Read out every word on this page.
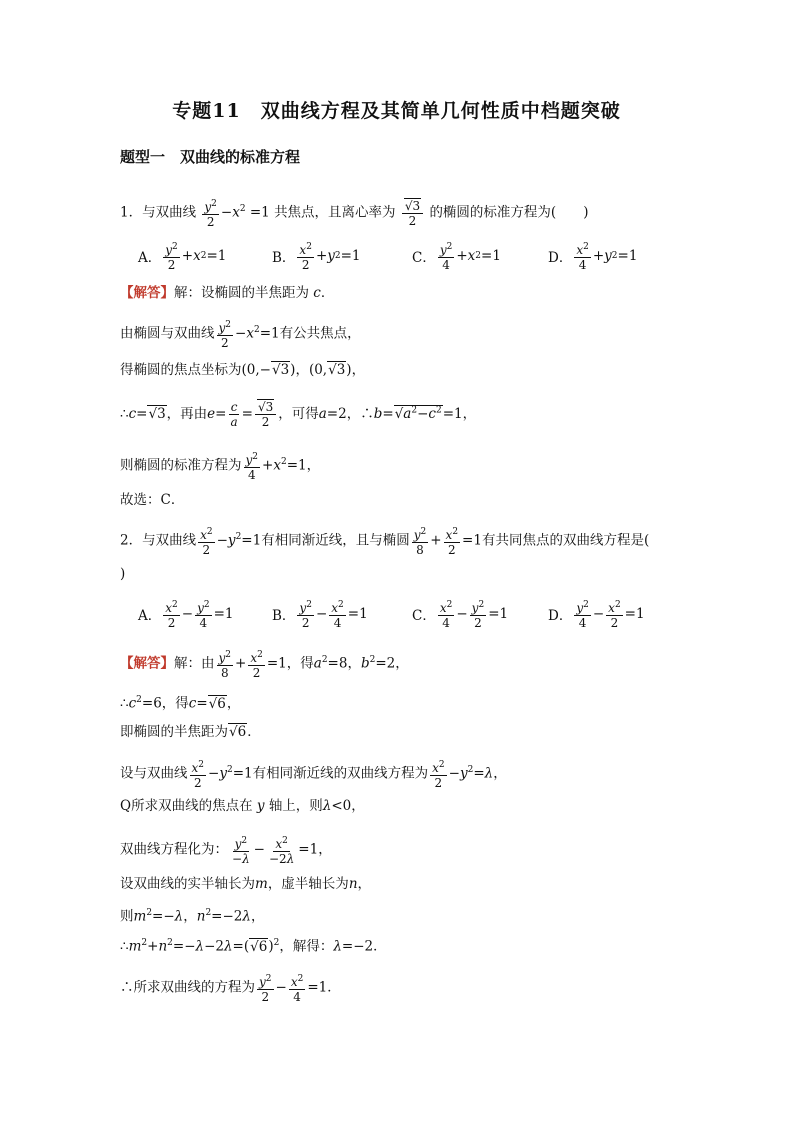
专题11　双曲线方程及其简单几何性质中档题突破
题型一　双曲线的标准方程
1．与双曲线 $\frac{y^2}{2} -x^2 =1$ 共焦点，且离心率为 $\frac{√3}{2}$ 的椭圆的标准方程为(　　)
A． $\frac{y^2}{2} + x$ 2 =1	B． $\frac{x^2}{2} + y$ 2 =1	C． $\frac{y^2}{4} + x$ 2 =1	D． $\frac{x^2}{4} + y$ 2 =1
【解答】解：设椭圆的半焦距为 c．
由椭圆与双曲线 $\frac{y^2}{2} -x^2=1$有公共焦点，
得椭圆的焦点坐标为(0,−√3)，(0,√3)，
∴c=√3，再由$e= \frac{c}{a} = \frac{√3}{2}$ ，可得a=2，$\therefore b=√a^2-c^2=1$，
则椭圆的标准方程为 $\frac{y^2}{4} +x^2=1$，
故选：C．
2．与双曲线 $\frac{x^2}{2} -y^2=1$有相同渐近线，且与椭圆 $\frac{y^2}{8} + \frac{x^2}{2} =1$有共同焦点的双曲线方程是(
)
A． $\frac{x^2}{2} - \frac{y^2}{4} =1$	B． $\frac{y^2}{2} - \frac{x^2}{4} =1$	C． $\frac{x^2}{4} - \frac{y^2}{2} =1$	D． $\frac{y^2}{4} - \frac{x^2}{2} =1$
【解答】解：由 $\frac{y^2}{8} + \frac{x^2}{2} =1$，得$a^2=8$，$b^2=2$，
$\therefore c^2=6$，得c=√6，
即椭圆的半焦距为√6．
设与双曲线 $\frac{x^2}{2} -y^2=1$有相同渐近线的双曲线方程为 $\frac{x^2}{2} -y^2=\lambda$，
Q所求双曲线的焦点在 y 轴上，则λ<0，
双曲线方程化为： $\frac{y^2}{-\lambda} - \frac{x^2}{-2\lambda} =1$，
设双曲线的实半轴长为m，虚半轴长为n，
则$m^2=-\lambda$，$n^2=-2\lambda$，
$\therefore m^2+n^2=-\lambda-2\lambda=(√6)^2$，解得：λ=−2．
∴所求双曲线的方程为 $\frac{y^2}{2} - \frac{x^2}{4} =1$．
